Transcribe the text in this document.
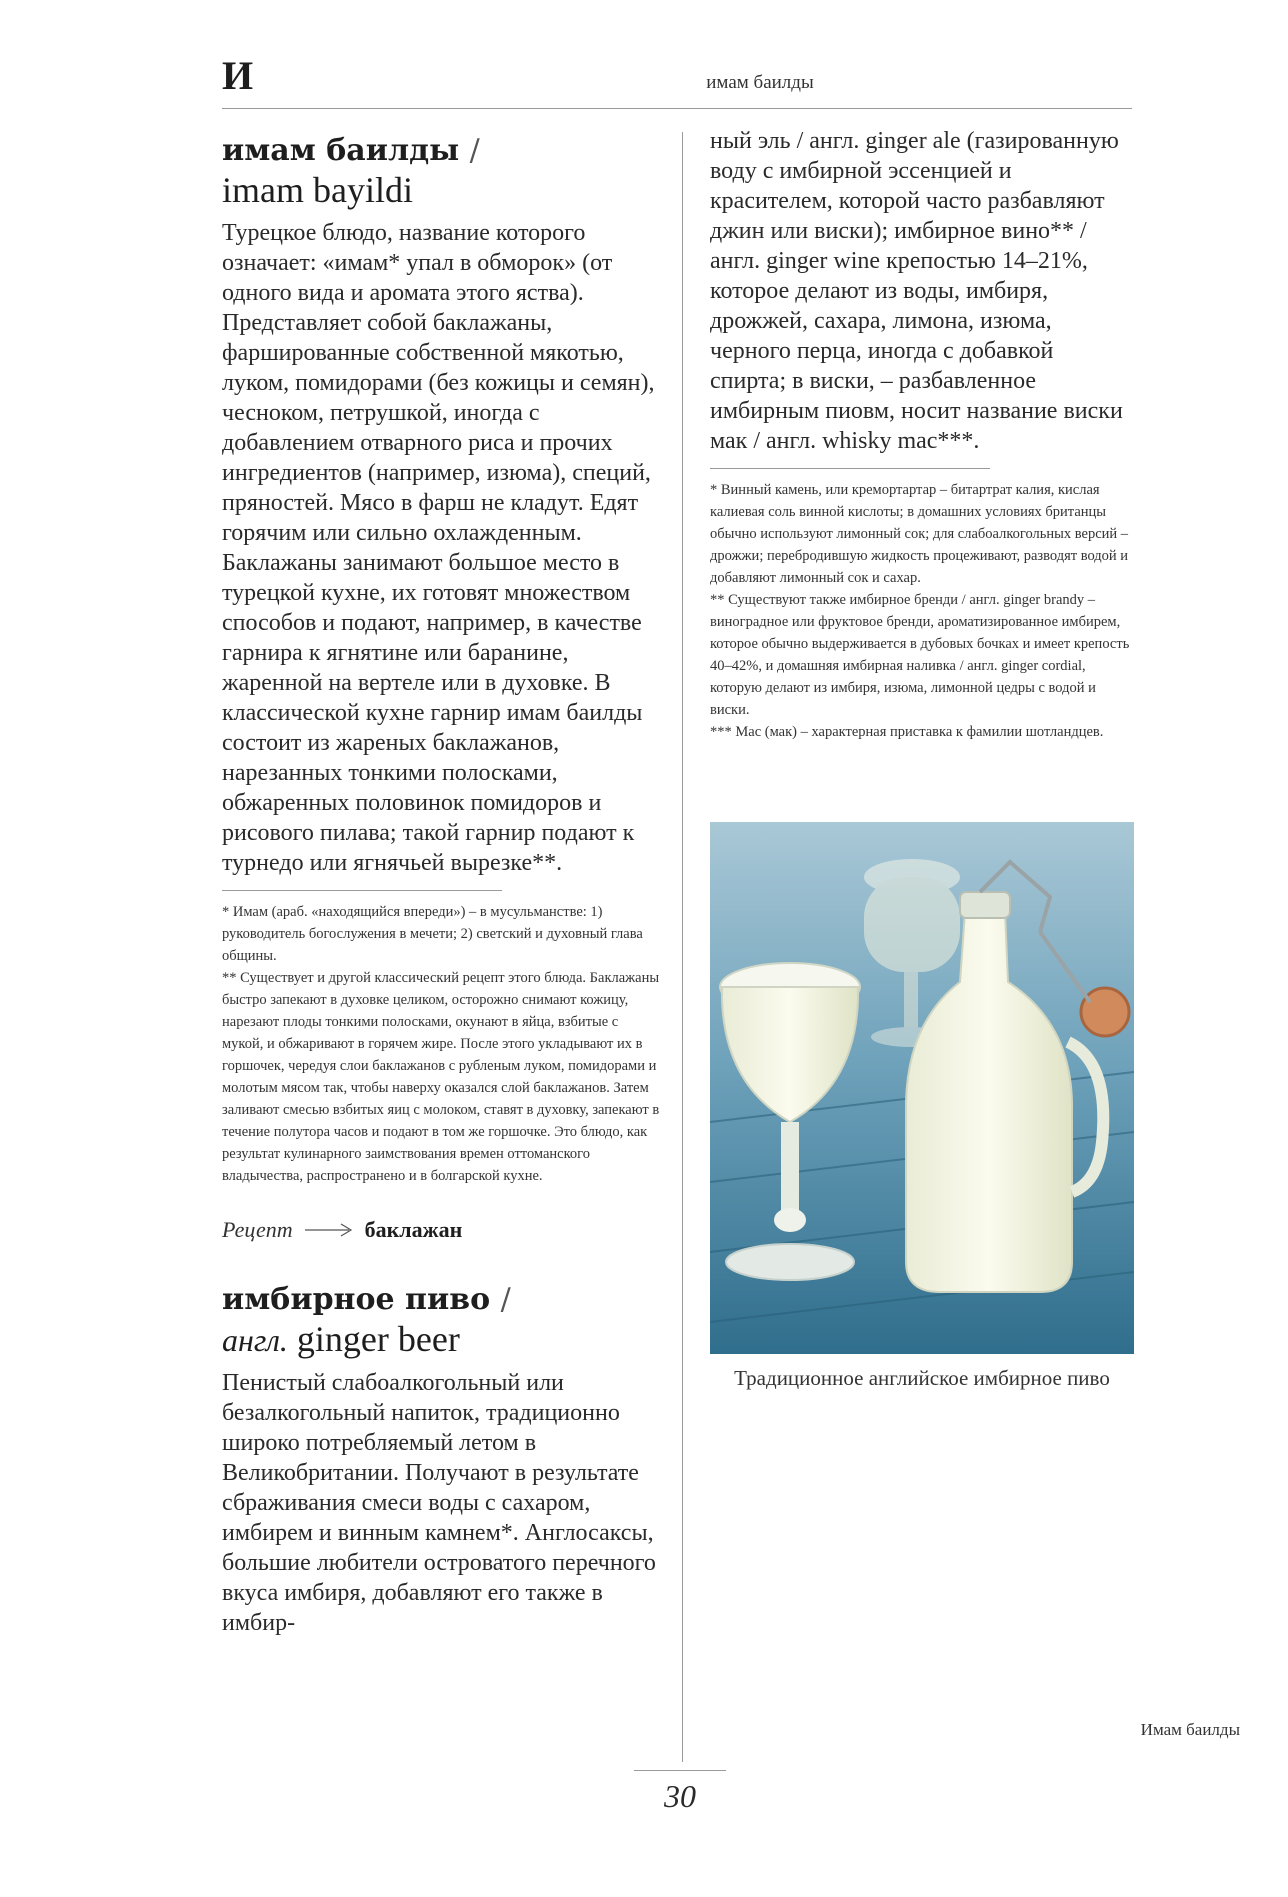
И	имам баилды
имам баилды /

imam bayildi

Турецкое блюдо, название которого означает: «имам* упал в обморок» (от одного вида и аромата этого яства). Представляет собой баклажаны, фаршированные собственной мякотью, луком, помидорами (без кожицы и семян), чесноком, петрушкой, иногда с добавлением отварного риса и прочих ингредиентов (например, изюма), специй, пряностей. Мясо в фарш не кладут. Едят горячим или сильно охлажденным. Баклажаны занимают большое место в турецкой кухне, их готовят множеством способов и подают, например, в качестве гарнира к ягнятине или баранине, жаренной на вертеле или в духовке. В классической кухне гарнир имам баилды состоит из жареных баклажанов, нарезанных тонкими полосками, обжаренных половинок помидоров и рисового пилава; такой гарнир подают к турнедо или ягнячьей вырезке**.

* Имам (араб. «находящийся впереди») – в мусульманстве: 1) руководитель богослужения в мечети; 2) светский и духовный глава общины.

** Существует и другой классический рецепт этого блюда. Баклажаны быстро запекают в духовке целиком, осторожно снимают кожицу, нарезают плоды тонкими полосками, окунают в яйца, взбитые с мукой, и обжаривают в горячем жире. После этого укладывают их в горшочек, чередуя слои баклажанов с рубленым луком, помидорами и молотым мясом так, чтобы наверху оказался слой баклажанов. Затем заливают смесью взбитых яиц с молоком, ставят в духовку, запекают в течение полутора часов и подают в том же горшочке. Это блюдо, как результат кулинарного заимствования времен оттоманского владычества, распространено и в болгарской кухне.

Рецепт	баклажан
имбирное пиво /

англ. ginger beer

Пенистый слабоалкогольный или безалкогольный напиток, традиционно широко потребляемый летом в Великобритании. Получают в результате сбраживания смеси воды с сахаром, имбирем и винным камнем*. Англосаксы, большие любители островатого перечного вкуса имбиря, добавляют его также в имбир-

ный эль / англ. ginger ale (газированную воду с имбирной эссенцией и красителем, которой часто разбавляют джин или виски); имбирное вино** / англ. ginger wine крепостью 14–21%, которое делают из воды, имбиря, дрожжей, сахара, лимона, изюма, черного перца, иногда с добавкой спирта; в виски, – разбавленное имбирным пиовм, носит название виски мак / англ. whisky mac***.

* Винный камень, или кремортартар – битартрат калия, кислая калиевая соль винной кислоты; в домашних условиях британцы обычно используют лимонный сок; для слабоалкогольных версий – дрожжи; перебродившую жидкость процеживают, разводят водой и добавляют лимонный сок и сахар.

** Существуют также имбирное бренди / англ. ginger brandy – виноградное или фруктовое бренди, ароматизированное имбирем, которое обычно выдерживается в дубовых бочках и имеет крепость 40–42%, и домашняя имбирная наливка / англ. ginger cordial, которую делают из имбиря, изюма, лимонной цедры с водой и виски.

*** Mac (мак) – характерная приставка к фамилии шотландцев.

Традиционное английское имбирное пиво
Имам баилды
30
